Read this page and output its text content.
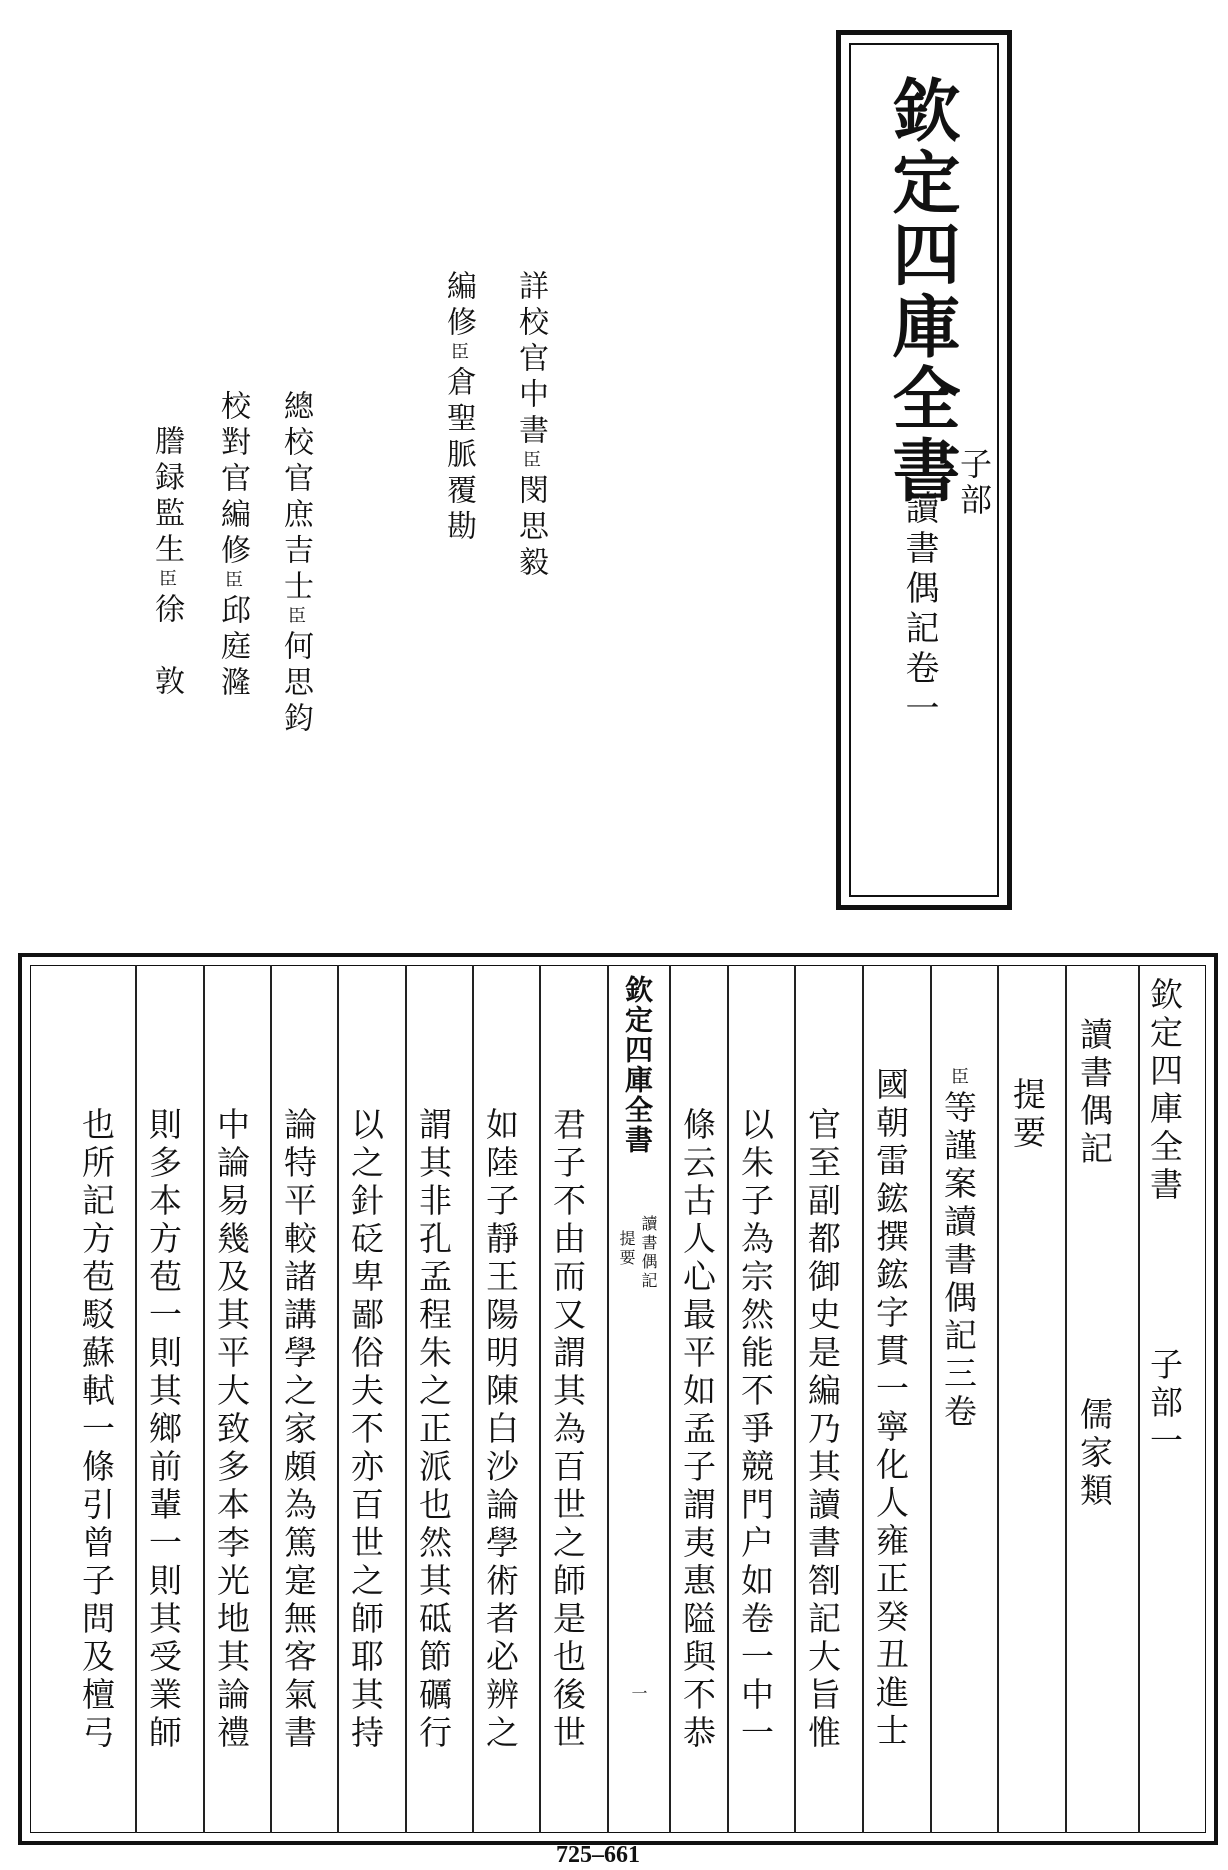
欽定四庫全書
子部
讀書偶記卷一
詳校官中書臣閔思毅
編修臣倉聖脈覆勘
總校官庶吉士臣何思鈞
校對官編修臣邱庭漋
謄録監生臣徐　敦
欽定四庫全書
子部一
讀書偶記
儒家類
提要
臣等謹案讀書偶記三卷
國朝雷鋐撰鋐字貫一寧化人雍正癸丑進士
官至副都御史是編乃其讀書劄記大旨惟
以朱子為宗然能不爭競門户如卷一中一
條云古人心最平如孟子謂夷惠隘與不恭
欽定四庫全書
讀書偶記
提要
一
君子不由而又謂其為百世之師是也後世
如陸子靜王陽明陳白沙論學術者必辨之
謂其非孔孟程朱之正派也然其砥節礪行
以之針砭卑鄙俗夫不亦百世之師耶其持
論特平較諸講學之家頗為篤寔無客氣書
中論易幾及其平大致多本李光地其論禮
則多本方苞一則其鄉前輩一則其受業師
也所記方苞駁蘇軾一條引曾子問及檀弓
725–661
